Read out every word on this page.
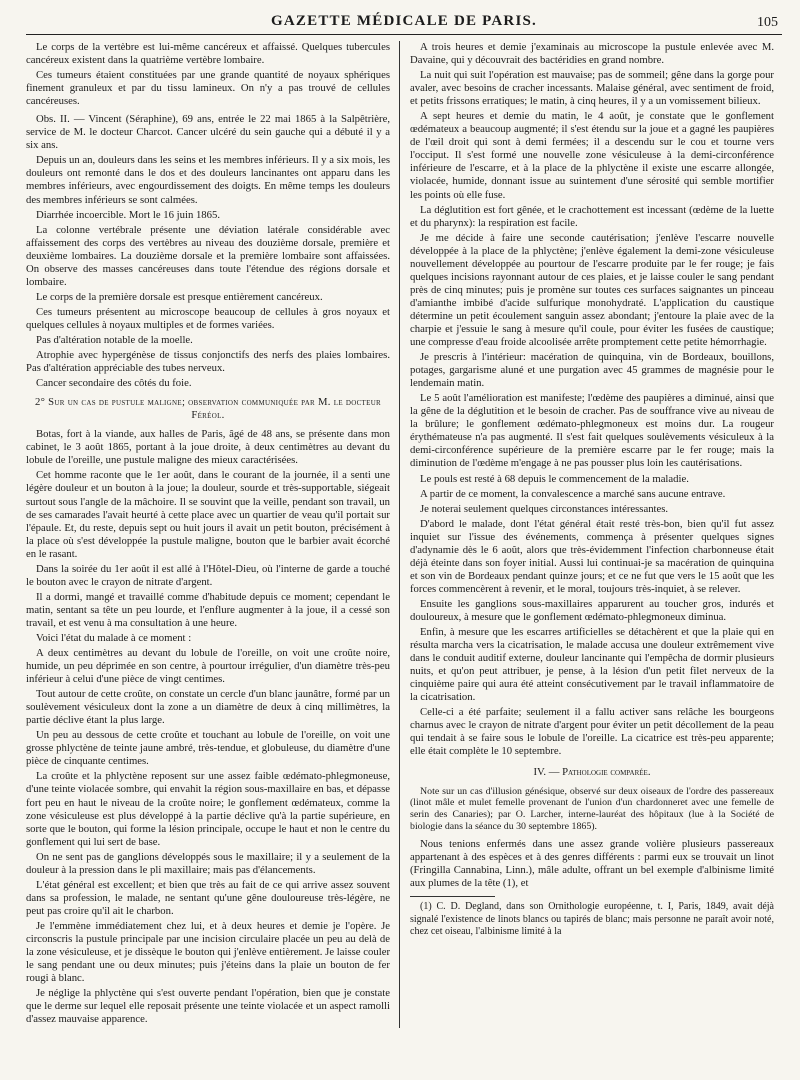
GAZETTE MÉDICALE DE PARIS.	105

Le corps de la vertèbre est lui-même cancéreux et affaissé. Quelques tubercules cancéreux existent dans la quatrième vertèbre lombaire.

Ces tumeurs étaient constituées par une grande quantité de noyaux sphériques finement granuleux et par du tissu lamineux. On n'y a pas trouvé de cellules cancéreuses.

Obs. II. — Vincent (Séraphine), 69 ans, entrée le 22 mai 1865 à la Salpêtrière, service de M. le docteur Charcot. Cancer ulcéré du sein gauche qui a débuté il y a six ans.

Depuis un an, douleurs dans les seins et les membres inférieurs. Il y a six mois, les douleurs ont remonté dans le dos et des douleurs lancinantes ont apparu dans les membres inférieurs, avec engourdissement des doigts. En même temps les douleurs des membres inférieurs se sont calmées.

Diarrhée incoercible. Mort le 16 juin 1865.

La colonne vertébrale présente une déviation latérale considérable avec affaissement des corps des vertèbres au niveau des douzième dorsale, première et deuxième lombaires. La douzième dorsale et la première lombaire sont affaissées. On observe des masses cancéreuses dans toute l'étendue des régions dorsale et lombaire.

Le corps de la première dorsale est presque entièrement cancéreux.

Ces tumeurs présentent au microscope beaucoup de cellules à gros noyaux et quelques cellules à noyaux multiples et de formes variées.

Pas d'altération notable de la moelle.

Atrophie avec hypergénèse de tissus conjonctifs des nerfs des plaies lombaires. Pas d'altération appréciable des tubes nerveux.

Cancer secondaire des côtés du foie.

2° Sur un cas de pustule maligne; observation communiquée par M. le docteur Féréol.

Botas, fort à la viande, aux halles de Paris, âgé de 48 ans, se présente dans mon cabinet, le 3 août 1865, portant à la joue droite, à deux centimètres au devant du lobule de l'oreille, une pustule maligne des mieux caractérisées.

Cet homme raconte que le 1er août, dans le courant de la journée, il a senti une légère douleur et un bouton à la joue; la douleur, sourde et très-supportable, siégeait surtout sous l'angle de la mâchoire. Il se souvint que la veille, pendant son travail, un de ses camarades l'avait heurté à cette place avec un quartier de veau qu'il portait sur l'épaule. Et, du reste, depuis sept ou huit jours il avait un petit bouton, précisément à la place où s'est développée la pustule maligne, bouton que le barbier avait écorché en le rasant.

Dans la soirée du 1er août il est allé à l'Hôtel-Dieu, où l'interne de garde a touché le bouton avec le crayon de nitrate d'argent.

Il a dormi, mangé et travaillé comme d'habitude depuis ce moment; cependant le matin, sentant sa tête un peu lourde, et l'enflure augmenter à la joue, il a cessé son travail, et est venu à ma consultation à une heure.

Voici l'état du malade à ce moment :

A deux centimètres au devant du lobule de l'oreille, on voit une croûte noire, humide, un peu déprimée en son centre, à pourtour irrégulier, d'un diamètre très-peu inférieur à celui d'une pièce de vingt centimes.

Tout autour de cette croûte, on constate un cercle d'un blanc jaunâtre, formé par un soulèvement vésiculeux dont la zone a un diamètre de deux à cinq millimètres, la partie déclive étant la plus large.

Un peu au dessous de cette croûte et touchant au lobule de l'oreille, on voit une grosse phlyctène de teinte jaune ambré, très-tendue, et globuleuse, du diamètre d'une pièce de cinquante centimes.

La croûte et la phlyctène reposent sur une assez faible œdémato-phlegmoneuse, d'une teinte violacée sombre, qui envahit la région sous-maxillaire en bas, et dépasse fort peu en haut le niveau de la croûte noire; le gonflement œdémateux, comme la zone vésiculeuse est plus développé à la partie déclive qu'à la partie supérieure, en sorte que le bouton, qui forme la lésion principale, occupe le haut et non le centre du gonflement qui lui sert de base.

On ne sent pas de ganglions développés sous le maxillaire; il y a seulement de la douleur à la pression dans le pli maxillaire; mais pas d'élancements.

L'état général est excellent; et bien que très au fait de ce qui arrive assez souvent dans sa profession, le malade, ne sentant qu'une gêne douloureuse très-légère, ne peut pas croire qu'il ait le charbon.

Je l'emmène immédiatement chez lui, et à deux heures et demie je l'opère. Je circonscris la pustule principale par une incision circulaire placée un peu au delà de la zone vésiculeuse, et je dissèque le bouton qui j'enlève entièrement. Je laisse couler le sang pendant une ou deux minutes; puis j'éteins dans la plaie un bouton de fer rougi à blanc.

Je néglige la phlyctène qui s'est ouverte pendant l'opération, bien que je constate que le derme sur lequel elle reposait présente une teinte violacée et un aspect ramolli d'assez mauvaise apparence.

A trois heures et demie j'examinais au microscope la pustule enlevée avec M. Davaine, qui y découvrait des bactéridies en grand nombre.

La nuit qui suit l'opération est mauvaise; pas de sommeil; gêne dans la gorge pour avaler, avec besoins de cracher incessants. Malaise général, avec sentiment de froid, et petits frissons erratiques; le matin, à cinq heures, il y a un vomissement bilieux.

A sept heures et demie du matin, le 4 août, je constate que le gonflement œdémateux a beaucoup augmenté; il s'est étendu sur la joue et a gagné les paupières de l'œil droit qui sont à demi fermées; il a descendu sur le cou et tourne vers l'occiput. Il s'est formé une nouvelle zone vésiculeuse à la demi-circonférence inférieure de l'escarre, et à la place de la phlyctène il existe une escarre allongée, violacée, humide, donnant issue au suintement d'une sérosité qui semble mortifier les points où elle fuse.

La déglutition est fort gênée, et le crachottement est incessant (œdème de la luette et du pharynx): la respiration est facile.

Je me décide à faire une seconde cautérisation; j'enlève l'escarre nouvelle développée à la place de la phlyctène; j'enlève également la demi-zone vésiculeuse nouvellement développée au pourtour de l'escarre produite par le fer rouge; je fais quelques incisions rayonnant autour de ces plaies, et je laisse couler le sang pendant près de cinq minutes; puis je promène sur toutes ces surfaces saignantes un pinceau d'amianthe imbibé d'acide sulfurique monohydraté. L'application du caustique détermine un petit écoulement sanguin assez abondant; j'entoure la plaie avec de la charpie et j'essuie le sang à mesure qu'il coule, pour éviter les fusées de caustique; une compresse d'eau froide alcoolisée arrête promptement cette petite hémorrhagie.

Je prescris à l'intérieur: macération de quinquina, vin de Bordeaux, bouillons, potages, gargarisme aluné et une purgation avec 45 grammes de magnésie pour le lendemain matin.

Le 5 août l'amélioration est manifeste; l'œdème des paupières a diminué, ainsi que la gêne de la déglutition et le besoin de cracher. Pas de souffrance vive au niveau de la brûlure; le gonflement œdémato-phlegmoneux est moins dur. La rougeur érythémateuse n'a pas augmenté. Il s'est fait quelques soulèvements vésiculeux à la demi-circonférence supérieure de la première escarre par le fer rouge; mais la diminution de l'œdème m'engage à ne pas pousser plus loin les cautérisations.

Le pouls est resté à 68 depuis le commencement de la maladie.

A partir de ce moment, la convalescence a marché sans aucune entrave.

Je noterai seulement quelques circonstances intéressantes.

D'abord le malade, dont l'état général était resté très-bon, bien qu'il fut assez inquiet sur l'issue des événements, commença à présenter quelques signes d'adynamie dès le 6 août, alors que très-évidemment l'infection charbonneuse était déjà éteinte dans son foyer initial. Aussi lui continuai-je sa macération de quinquina et son vin de Bordeaux pendant quinze jours; et ce ne fut que vers le 15 août que les forces commencèrent à revenir, et le moral, toujours très-inquiet, à se relever.

Ensuite les ganglions sous-maxillaires apparurent au toucher gros, indurés et douloureux, à mesure que le gonflement œdémato-phlegmoneux diminua.

Enfin, à mesure que les escarres artificielles se détachèrent et que la plaie qui en résulta marcha vers la cicatrisation, le malade accusa une douleur extrêmement vive dans le conduit auditif externe, douleur lancinante qui l'empêcha de dormir plusieurs nuits, et qu'on peut attribuer, je pense, à la lésion d'un petit filet nerveux de la cinquième paire qui aura été atteint consécutivement par le travail inflammatoire de la cicatrisation.

Celle-ci a été parfaite; seulement il a fallu activer sans relâche les bourgeons charnus avec le crayon de nitrate d'argent pour éviter un petit décollement de la peau qui tendait à se faire sous le lobule de l'oreille. La cicatrice est très-peu apparente; elle était complète le 10 septembre.

IV. — Pathologie comparée.

Note sur un cas d'illusion génésique, observé sur deux oiseaux de l'ordre des passereaux (linot mâle et mulet femelle provenant de l'union d'un chardonneret avec une femelle de serin des Canaries); par O. Larcher, interne-lauréat des hôpitaux (lue à la Société de biologie dans la séance du 30 septembre 1865).

Nous tenions enfermés dans une assez grande volière plusieurs passereaux appartenant à des espèces et à des genres différents : parmi eux se trouvait un linot (Fringilla Cannabina, Linn.), mâle adulte, offrant un bel exemple d'albinisme limité aux plumes de la tête (1), et

(1) C. D. Degland, dans son Ornithologie européenne, t. I, Paris, 1849, avait déjà signalé l'existence de linots blancs ou tapirés de blanc; mais personne ne paraît avoir noté, chez cet oiseau, l'albinisme limité à la
